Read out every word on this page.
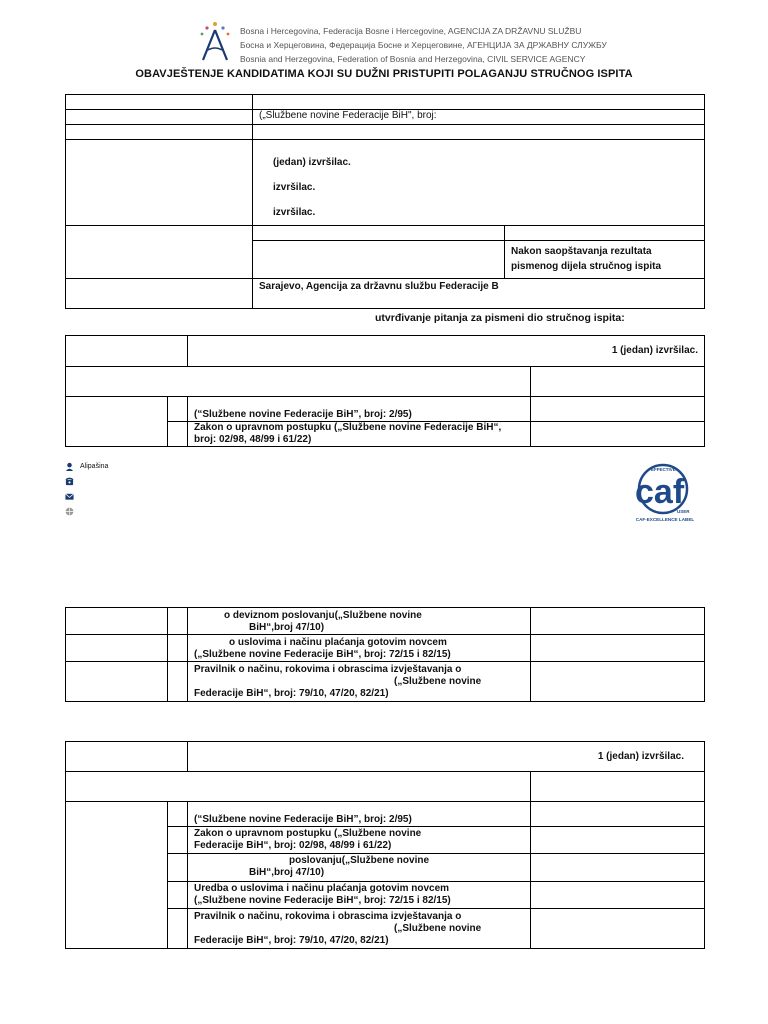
Bosna i Hercegovina, Federacija Bosne i Hercegovine, AGENCIJA ZA DRŽAVNU SLUŽBU
Босна и Херцеговина, Федерација Босне и Херцеговине, АГЕНЦИЈА ЗА ДРЖАВНУ СЛУЖБУ
Bosnia and Herzegovina, Federation of Bosnia and Herzegovina, CIVIL SERVICE AGENCY
OBAVJEŠTENJE KANDIDATIMA KOJI SU DUŽNI PRISTUPITI POLAGANJU STRUČNOG ISPITA

	(„Službene novine Federacije BiH", broj:	

	(jedan) izvršilac.
izvršilac.
izvršilac.	

		Nakon saopštavanja rezultata pismenog dijela stručnog ispita
	Sarajevo, Agencija za državnu službu Federacije B	
utvrđivanje pitanja za pismeni dio stručnog ispita:
		1 (jedan) izvršilac.	

		(“Službene novine Federacije BiH”, broj: 2/95)	
		Zakon o upravnom postupku („Službene novine Federacije BiH“, broj: 02/98, 48/99 i 61/22)	
Alipašina
caf
EFFECTIVE
USER
CAF-EXCELLENCE LABEL

		o deviznom poslovanju(„Službene novine
BiH“,broj 47/10)	

		o uslovima i načinu plaćanja gotovim novcem
(„Službene novine Federacije BiH“, broj: 72/15 i 82/15)	

		Pravilnik o načinu, rokovima i obrascima izvještavanja o
(„Službene novine
Federacije BiH“, broj: 79/10, 47/20, 82/21)	

		1 (jedan) izvršilac.	

		(“Službene novine Federacije BiH”, broj: 2/95)	

		Zakon o upravnom postupku („Službene novine
Federacije BiH“, broj: 02/98, 48/99 i 61/22)	

		poslovanju(„Službene novine
BiH“,broj 47/10)	

		Uredba o uslovima i načinu plaćanja gotovim novcem
(„Službene novine Federacije BiH“, broj: 72/15 i 82/15)	

		Pravilnik o načinu, rokovima i obrascima izvještavanja o
(„Službene novine
Federacije BiH“, broj: 79/10, 47/20, 82/21)	
